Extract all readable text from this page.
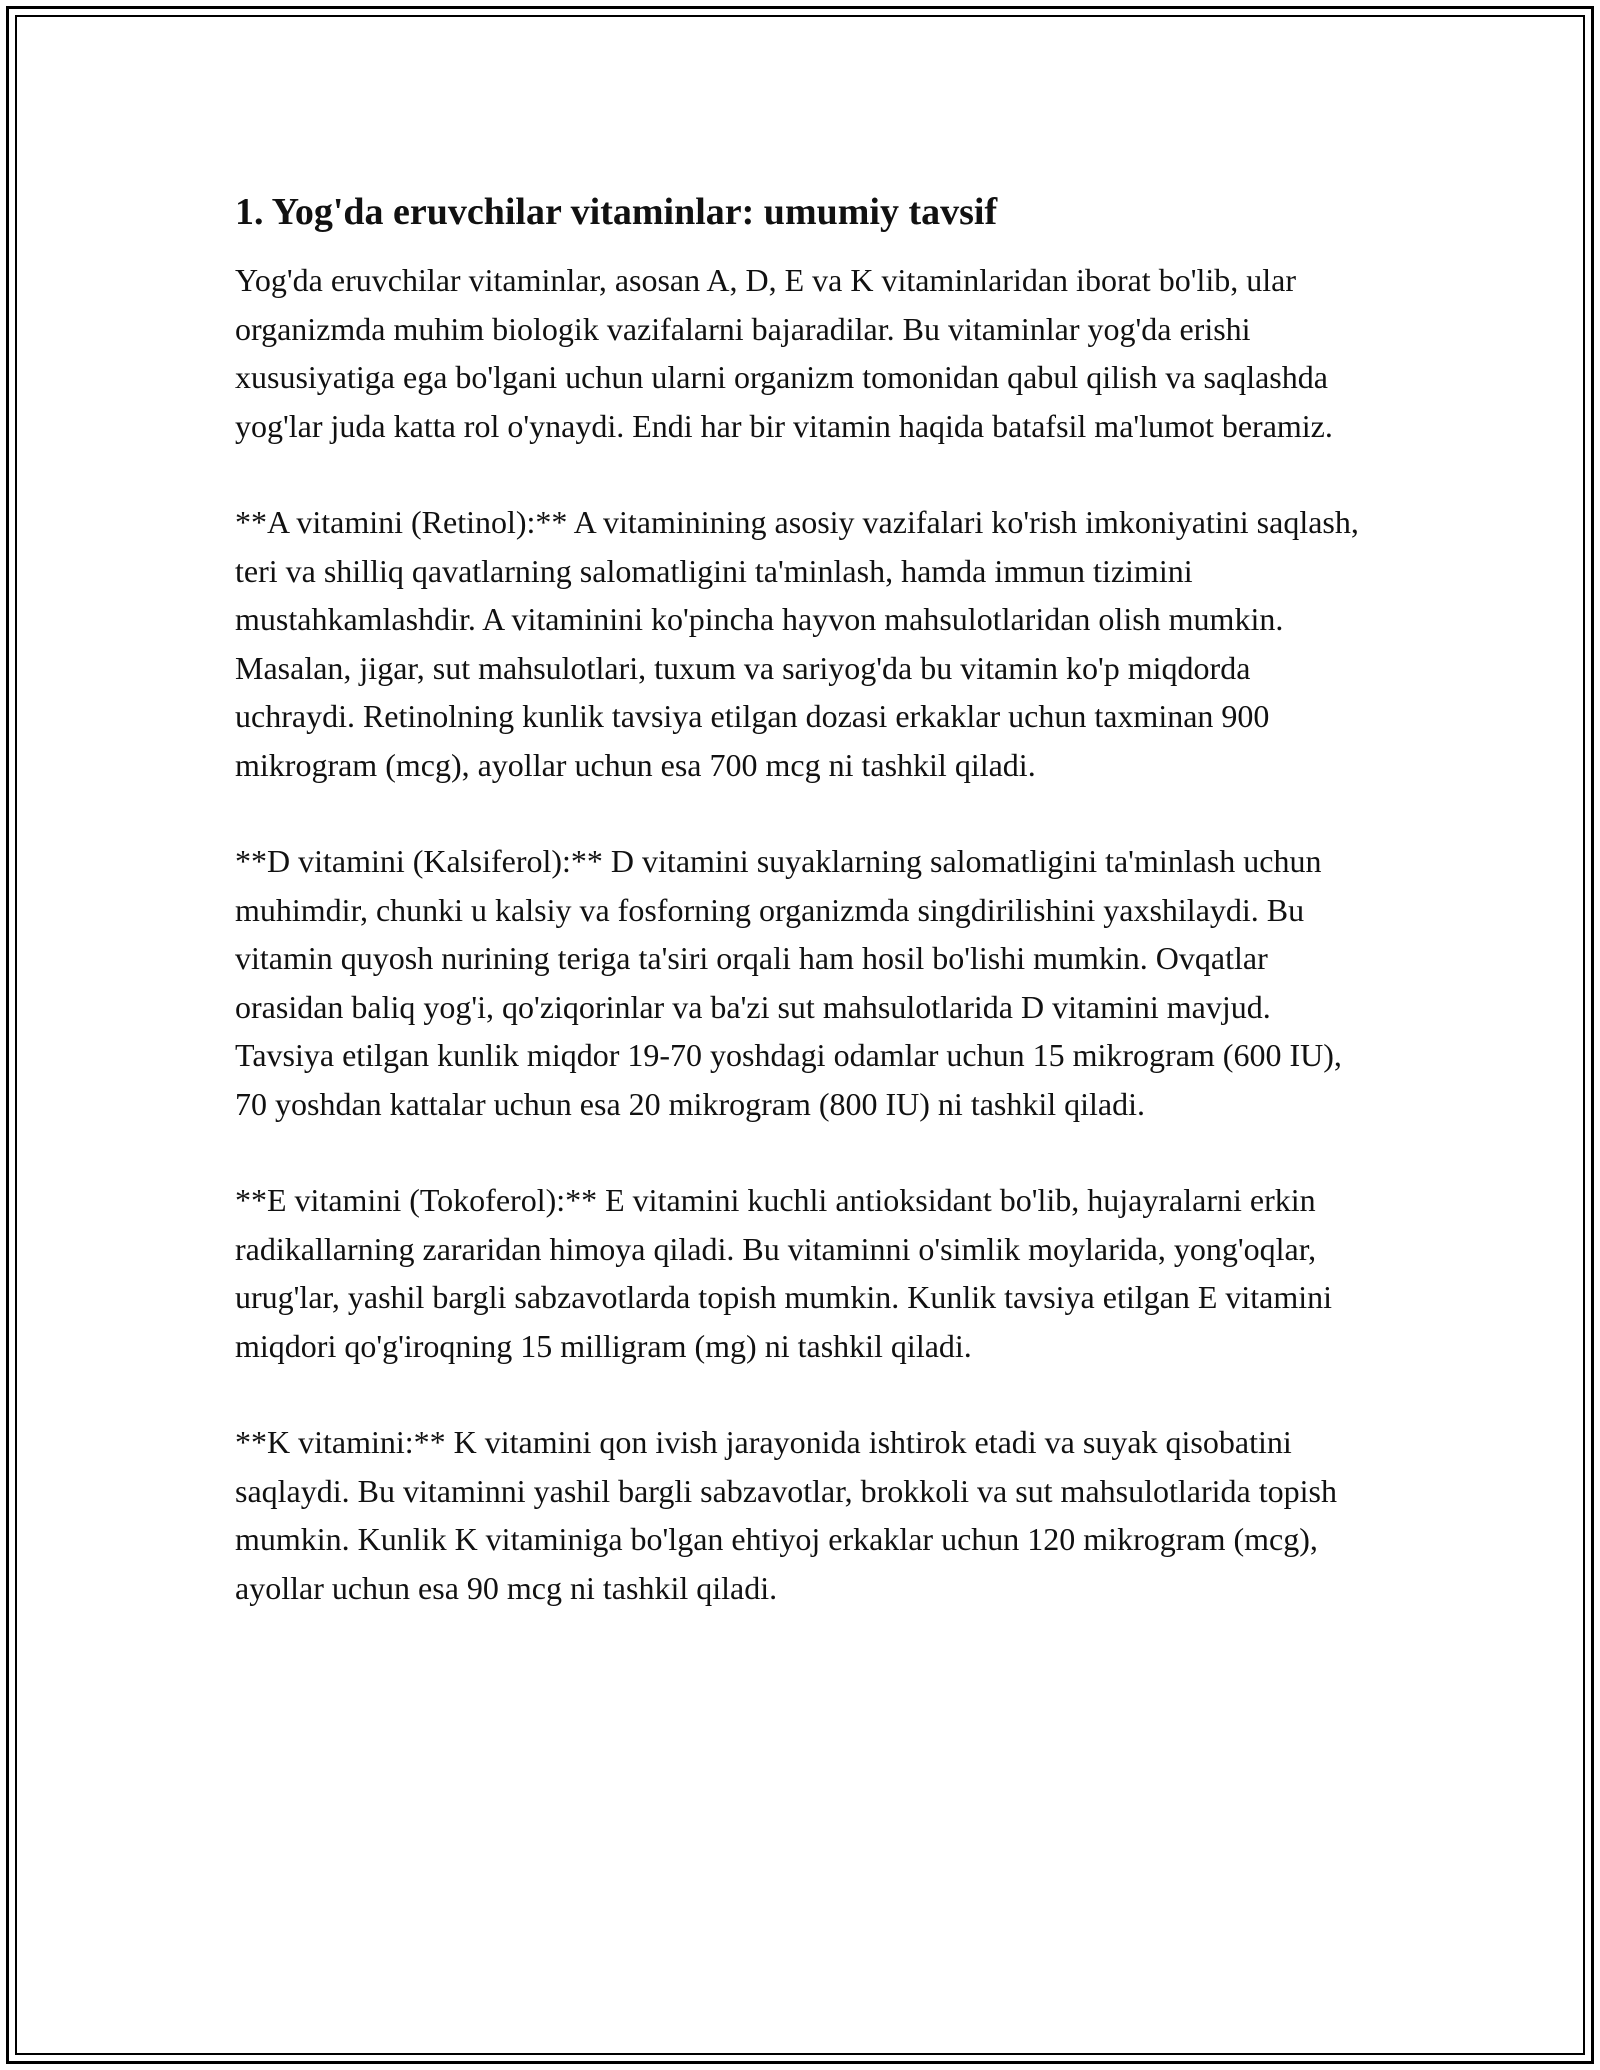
1. Yog'da eruvchilar vitaminlar: umumiy tavsif

Yog'da eruvchilar vitaminlar, asosan A, D, E va K vitaminlaridan iborat bo'lib, ular organizmda muhim biologik vazifalarni bajaradilar. Bu vitaminlar yog'da erishi xususiyatiga ega bo'lgani uchun ularni organizm tomonidan qabul qilish va saqlashda yog'lar juda katta rol o'ynaydi. Endi har bir vitamin haqida batafsil ma'lumot beramiz.

**A vitamini (Retinol):** A vitaminining asosiy vazifalari ko'rish imkoniyatini saqlash, teri va shilliq qavatlarning salomatligini ta'minlash, hamda immun tizimini mustahkamlashdir. A vitaminini ko'pincha hayvon mahsulotlaridan olish mumkin. Masalan, jigar, sut mahsulotlari, tuxum va sariyog'da bu vitamin ko'p miqdorda uchraydi. Retinolning kunlik tavsiya etilgan dozasi erkaklar uchun taxminan 900 mikrogram (mcg), ayollar uchun esa 700 mcg ni tashkil qiladi.

**D vitamini (Kalsiferol):** D vitamini suyaklarning salomatligini ta'minlash uchun muhimdir, chunki u kalsiy va fosforning organizmda singdirilishini yaxshilaydi. Bu vitamin quyosh nurining teriga ta'siri orqali ham hosil bo'lishi mumkin. Ovqatlar orasidan baliq yog'i, qo'ziqorinlar va ba'zi sut mahsulotlarida D vitamini mavjud. Tavsiya etilgan kunlik miqdor 19-70 yoshdagi odamlar uchun 15 mikrogram (600 IU), 70 yoshdan kattalar uchun esa 20 mikrogram (800 IU) ni tashkil qiladi.

**E vitamini (Tokoferol):** E vitamini kuchli antioksidant bo'lib, hujayralarni erkin radikallarning zararidan himoya qiladi. Bu vitaminni o'simlik moylarida, yong'oqlar, urug'lar, yashil bargli sabzavotlarda topish mumkin. Kunlik tavsiya etilgan E vitamini miqdori qo'g'iroqning 15 milligram (mg) ni tashkil qiladi.

**K vitamini:** K vitamini qon ivish jarayonida ishtirok etadi va suyak qisobatini saqlaydi. Bu vitaminni yashil bargli sabzavotlar, brokkoli va sut mahsulotlarida topish mumkin. Kunlik K vitaminiga bo'lgan ehtiyoj erkaklar uchun 120 mikrogram (mcg), ayollar uchun esa 90 mcg ni tashkil qiladi.
